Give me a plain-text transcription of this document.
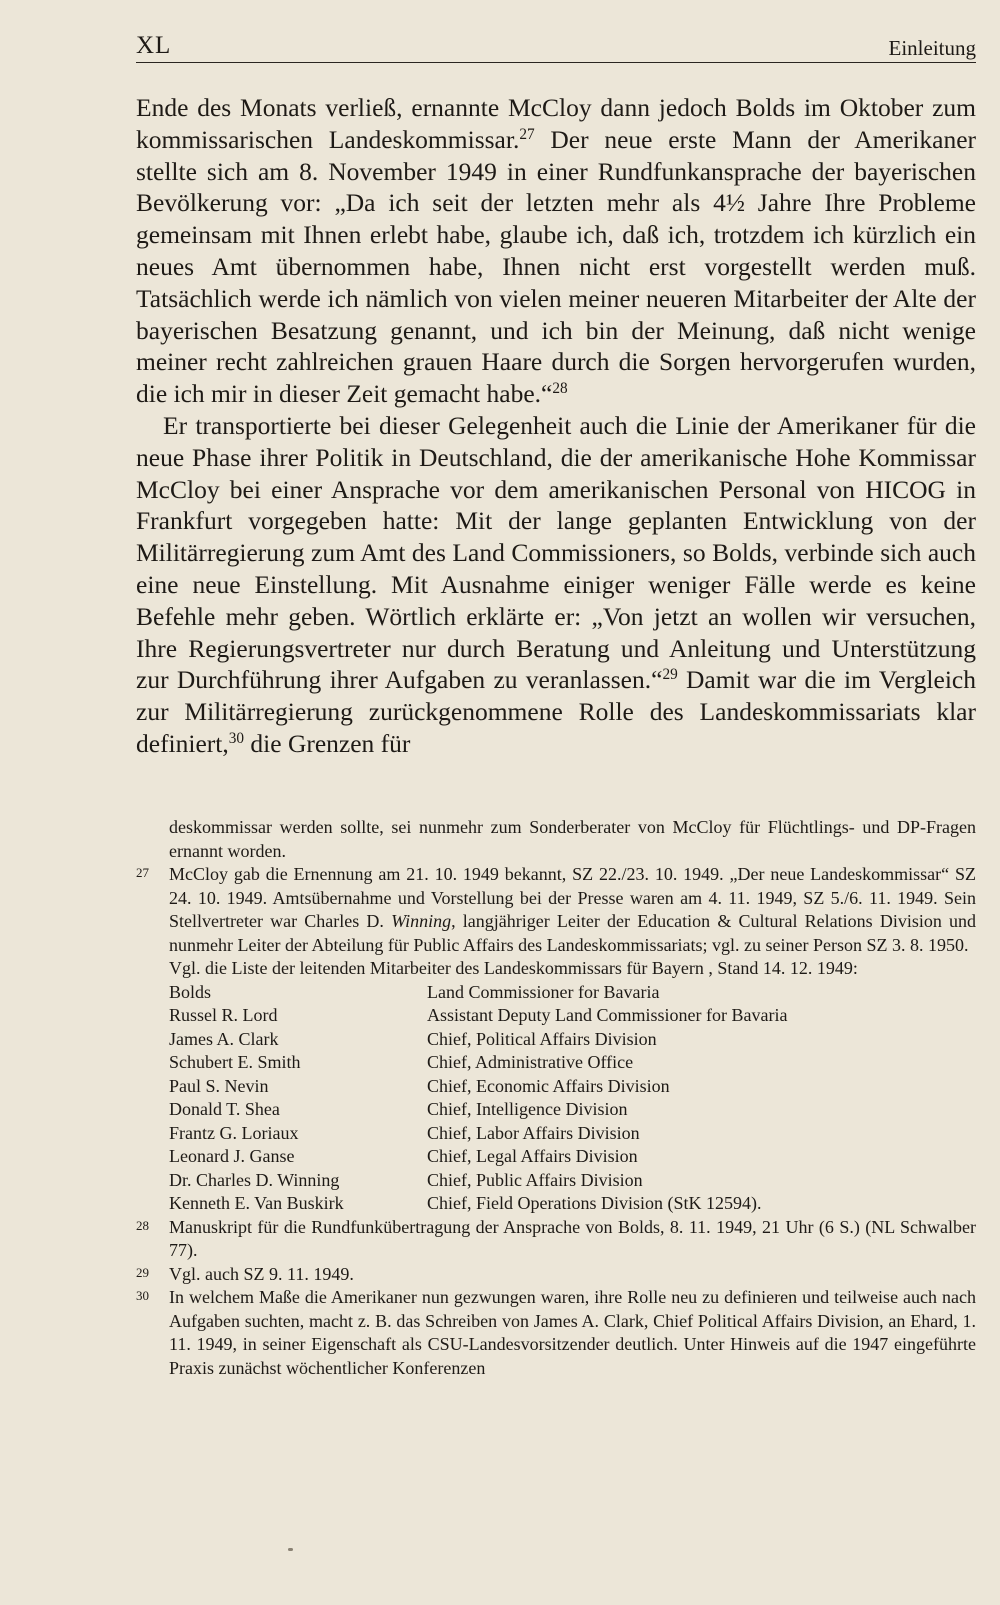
XL	Einleitung

Ende des Monats verließ, ernannte McCloy dann jedoch Bolds im Oktober zum kommissarischen Landeskommissar.$^{27}$ Der neue erste Mann der Amerikaner stellte sich am 8. November 1949 in einer Rundfunkansprache der bayerischen Bevölkerung vor: „Da ich seit der letzten mehr als 4½ Jahre Ihre Probleme gemeinsam mit Ihnen erlebt habe, glaube ich, daß ich, trotzdem ich kürzlich ein neues Amt übernommen habe, Ihnen nicht erst vorgestellt werden muß. Tatsächlich werde ich nämlich von vielen meiner neueren Mitarbeiter der Alte der bayerischen Besatzung genannt, und ich bin der Meinung, daß nicht wenige meiner recht zahlreichen grauen Haare durch die Sorgen hervorgerufen wurden, die ich mir in dieser Zeit gemacht habe.“$^{28}$

Er transportierte bei dieser Gelegenheit auch die Linie der Amerikaner für die neue Phase ihrer Politik in Deutschland, die der amerikanische Hohe Kommissar McCloy bei einer Ansprache vor dem amerikanischen Personal von HICOG in Frankfurt vorgegeben hatte: Mit der lange geplanten Entwicklung von der Militärregierung zum Amt des Land Commissioners, so Bolds, verbinde sich auch eine neue Einstellung. Mit Ausnahme einiger weniger Fälle werde es keine Befehle mehr geben. Wörtlich erklärte er: „Von jetzt an wollen wir versuchen, Ihre Regierungsvertreter nur durch Beratung und Anleitung und Unterstützung zur Durchführung ihrer Aufgaben zu veranlassen.“$^{29}$ Damit war die im Vergleich zur Militärregierung zurückgenommene Rolle des Landeskommissariats klar definiert,$^{30}$ die Grenzen für

deskommissar werden sollte, sei nunmehr zum Sonderberater von McCloy für Flüchtlings- und DP-Fragen ernannt worden.

27 McCloy gab die Ernennung am 21. 10. 1949 bekannt, SZ 22./23. 10. 1949. „Der neue Landeskommissar“ SZ 24. 10. 1949. Amtsübernahme und Vorstellung bei der Presse waren am 4. 11. 1949, SZ 5./6. 11. 1949. Sein Stellvertreter war Charles D. Winning, langjähriger Leiter der Education & Cultural Relations Division und nunmehr Leiter der Abteilung für Public Affairs des Landeskommissariats; vgl. zu seiner Person SZ 3. 8. 1950.

Vgl. die Liste der leitenden Mitarbeiter des Landeskommissars für Bayern , Stand 14. 12. 1949:

Bolds	Land Commissioner for Bavaria
Russel R. Lord	Assistant Deputy Land Commissioner for Bavaria
James A. Clark	Chief, Political Affairs Division
Schubert E. Smith	Chief, Administrative Office
Paul S. Nevin	Chief, Economic Affairs Division
Donald T. Shea	Chief, Intelligence Division
Frantz G. Loriaux	Chief, Labor Affairs Division
Leonard J. Ganse	Chief, Legal Affairs Division
Dr. Charles D. Winning	Chief, Public Affairs Division
Kenneth E. Van Buskirk	Chief, Field Operations Division (StK 12594).

28 Manuskript für die Rundfunkübertragung der Ansprache von Bolds, 8. 11. 1949, 21 Uhr (6 S.) (NL Schwalber 77).

29 Vgl. auch SZ 9. 11. 1949.

30 In welchem Maße die Amerikaner nun gezwungen waren, ihre Rolle neu zu definieren und teilweise auch nach Aufgaben suchten, macht z. B. das Schreiben von James A. Clark, Chief Political Affairs Division, an Ehard, 1. 11. 1949, in seiner Eigenschaft als CSU-Landesvorsitzender deutlich. Unter Hinweis auf die 1947 eingeführte Praxis zunächst wöchentlicher Konferenzen
